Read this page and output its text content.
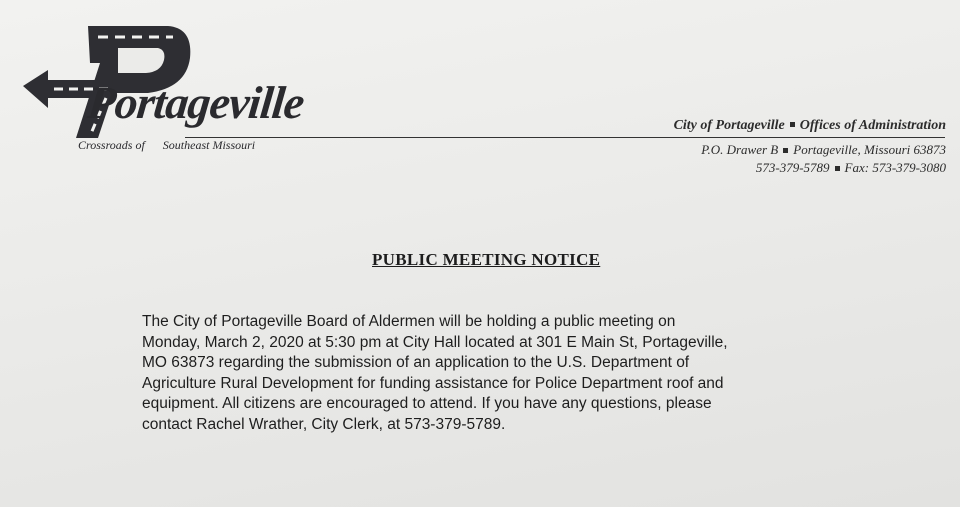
Portageville
Crossroads of Southeast Missouri
City of Portageville Offices of Administration
P.O. Drawer B Portageville, Missouri 63873
573-379-5789 Fax: 573-379-3080
PUBLIC MEETING NOTICE
The City of Portageville Board of Aldermen will be holding a public meeting on
Monday, March 2, 2020 at 5:30 pm at City Hall located at 301 E Main St, Portageville,
MO 63873 regarding the submission of an application to the U.S. Department of
Agriculture Rural Development for funding assistance for Police Department roof and
equipment. All citizens are encouraged to attend. If you have any questions, please
contact Rachel Wrather, City Clerk, at 573-379-5789.
